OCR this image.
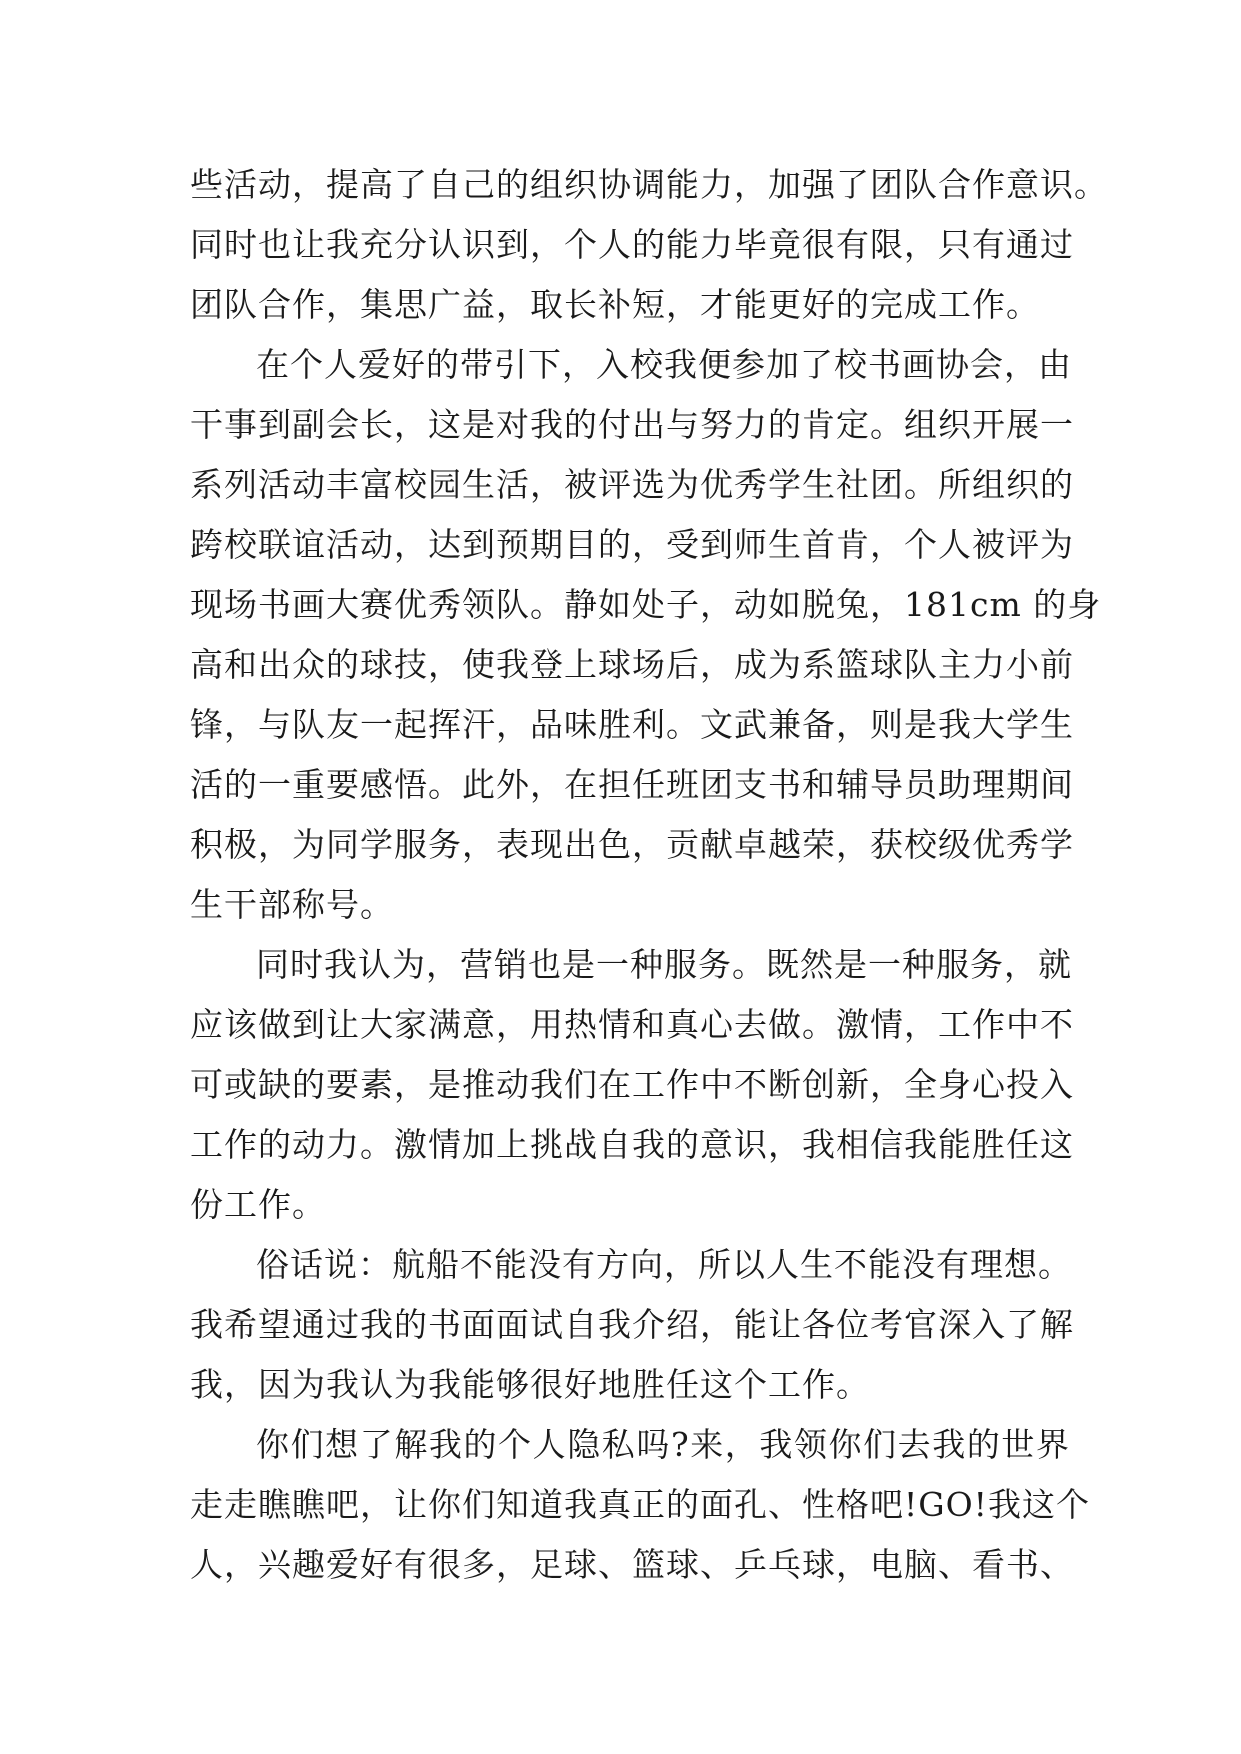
些活动，提高了自己的组织协调能力，加强了团队合作意识。
同时也让我充分认识到，个人的能力毕竟很有限，只有通过
团队合作，集思广益，取长补短，才能更好的完成工作。
在个人爱好的带引下，入校我便参加了校书画协会，由
干事到副会长，这是对我的付出与努力的肯定。组织开展一
系列活动丰富校园生活，被评选为优秀学生社团。所组织的
跨校联谊活动，达到预期目的，受到师生首肯，个人被评为
现场书画大赛优秀领队。静如处子，动如脱兔，181cm 的身
高和出众的球技，使我登上球场后，成为系篮球队主力小前
锋，与队友一起挥汗，品味胜利。文武兼备，则是我大学生
活的一重要感悟。此外，在担任班团支书和辅导员助理期间
积极，为同学服务，表现出色，贡献卓越荣，获校级优秀学
生干部称号。
同时我认为，营销也是一种服务。既然是一种服务，就
应该做到让大家满意，用热情和真心去做。激情，工作中不
可或缺的要素，是推动我们在工作中不断创新，全身心投入
工作的动力。激情加上挑战自我的意识，我相信我能胜任这
份工作。
俗话说：航船不能没有方向，所以人生不能没有理想。
我希望通过我的书面面试自我介绍，能让各位考官深入了解
我，因为我认为我能够很好地胜任这个工作。
你们想了解我的个人隐私吗?来，我领你们去我的世界
走走瞧瞧吧，让你们知道我真正的面孔、性格吧!GO!我这个
人，兴趣爱好有很多，足球、篮球、乒乓球，电脑、看书、
